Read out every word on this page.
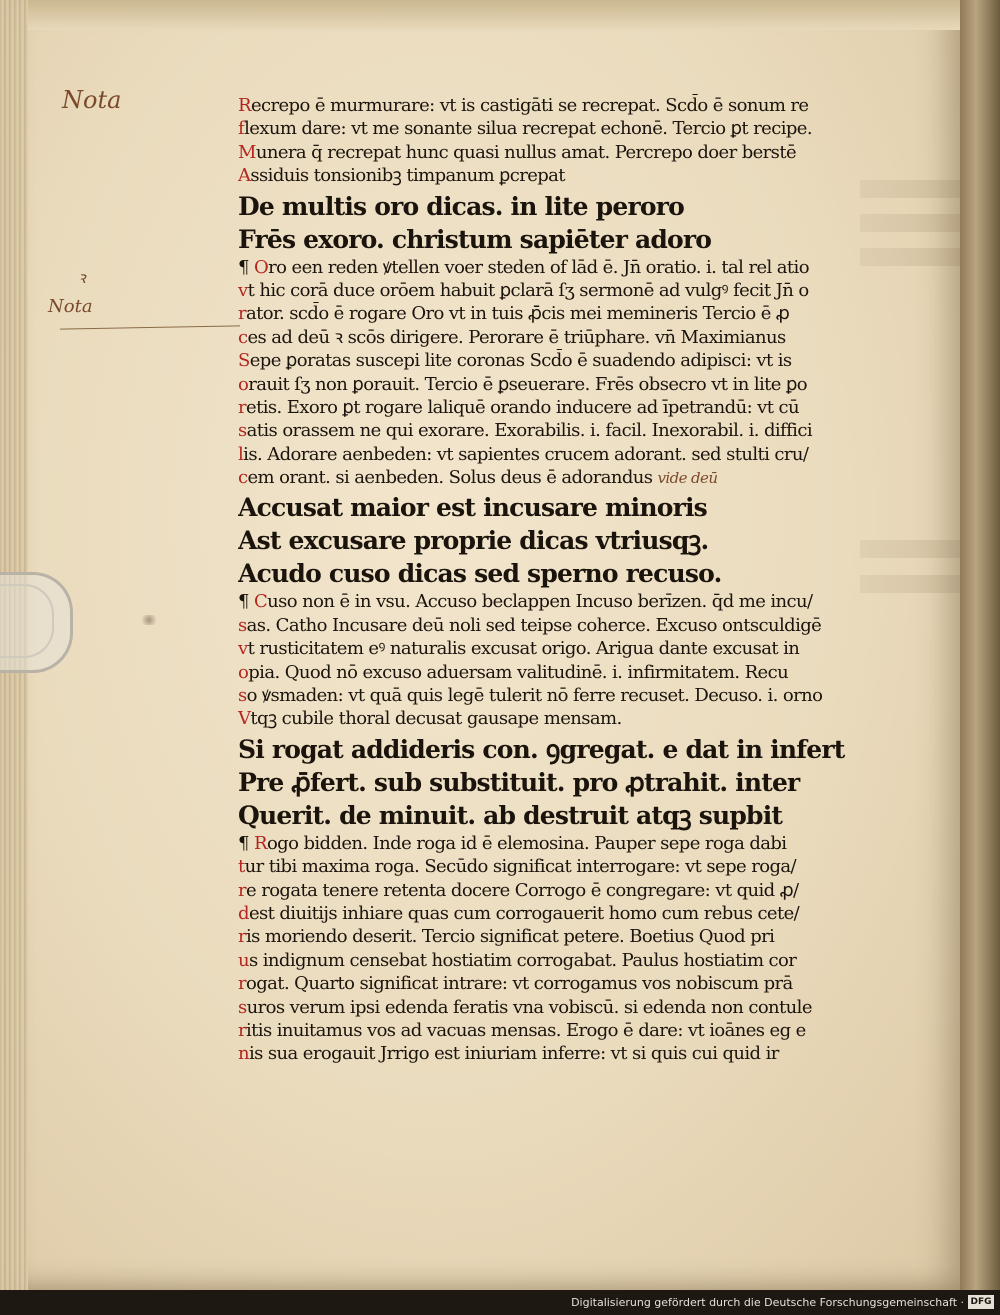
Nota
ꝛ
Nota
Recrepo ē murmurare: vt is castigāti se recrepat. Scd̄o ē sonum re
flexum dare: vt me sonante silua recrepat echonē. Tercio ꝑt recipe.
Munera q̄ recrepat hunc quasi nullus amat. Percrepo doer berstē
Assiduis tonsionibꝫ timpanum ꝑcrepat
De multis oro dicas. in lite peroro
Frēs exoro. christum sapiēter adoro
¶ Oro een reden ꝟtellen voer steden of lād ē. Jn̄ oratio. i. tal rel atio
vt hic corā duce orōem habuit ꝑclarā ſʒ sermonē ad vulgꝰ fecit Jn̄ o
rator. scd̄o ē rogare Oro vt in tuis ꝓ̄cis mei memineris Tercio ē ꝓ
ces ad deū ꝛ scōs dirigere. Perorare ē triūphare. vn̄ Maximianus
Sepe ꝑoratas suscepi lite coronas Scd̄o ē suadendo adipisci: vt is
orauit ſʒ non ꝑorauit. Tercio ē ꝑseuerare. Frēs obsecro vt in lite ꝑo
retis. Exoro ꝑt rogare laliquē orando inducere ad īpetrandū: vt cū
satis orassem ne qui exorare. Exorabilis. i. facil. Inexorabil. i. diffici
lis. Adorare aenbeden: vt sapientes crucem adorant. sed stulti cru/
cem orant. si aenbeden. Solus deus ē adorandus vide deū
Accusat maior est incusare minoris
Ast excusare proprie dicas vtriusqꝫ.
Acudo cuso dicas sed sperno recuso.
¶ Cuso non ē in vsu. Accuso beclappen Incuso berīzen. q̄d me incu/
sas. Catho Incusare deū noli sed teipse coherce. Excuso ontsculdigē
vt rusticitatem eꝰ naturalis excusat origo. Arigua dante excusat in
opia. Quod nō excuso aduersam valitudinē. i. infirmitatem. Recu
so ꝟsmaden: vt quā quis legē tulerit nō ferre recuset. Decuso. i. orno
Vtqꝫ cubile thoral decusat gausape mensam.
Si rogat addideris con. ꝯgregat. e dat in infert
Pre ꝓ̄fert. sub substituit. pro ꝓtrahit. inter
Querit. de minuit. ab destruit atqꝫ supbit
¶ Rogo bidden. Inde roga id ē elemosina. Pauper sepe roga dabi
tur tibi maxima roga. Secūdo significat interrogare: vt sepe roga/
re rogata tenere retenta docere Corrogo ē congregare: vt quid ꝓ/
dest diuitijs inhiare quas cum corrogauerit homo cum rebus cete/
ris moriendo deserit. Tercio significat petere. Boetius Quod pri
us indignum censebat hostiatim corrogabat. Paulus hostiatim cor
rogat. Quarto significat intrare: vt corrogamus vos nobiscum prā
suros verum ipsi edenda feratis vna vobiscū. si edenda non contule
ritis inuitamus vos ad vacuas mensas. Erogo ē dare: vt ioānes eg e
nis sua erogauit Jrrigo est iniuriam inferre: vt si quis cui quid ir
Digitalisierung gefördert durch die Deutsche Forschungsgemeinschaft · DFG
